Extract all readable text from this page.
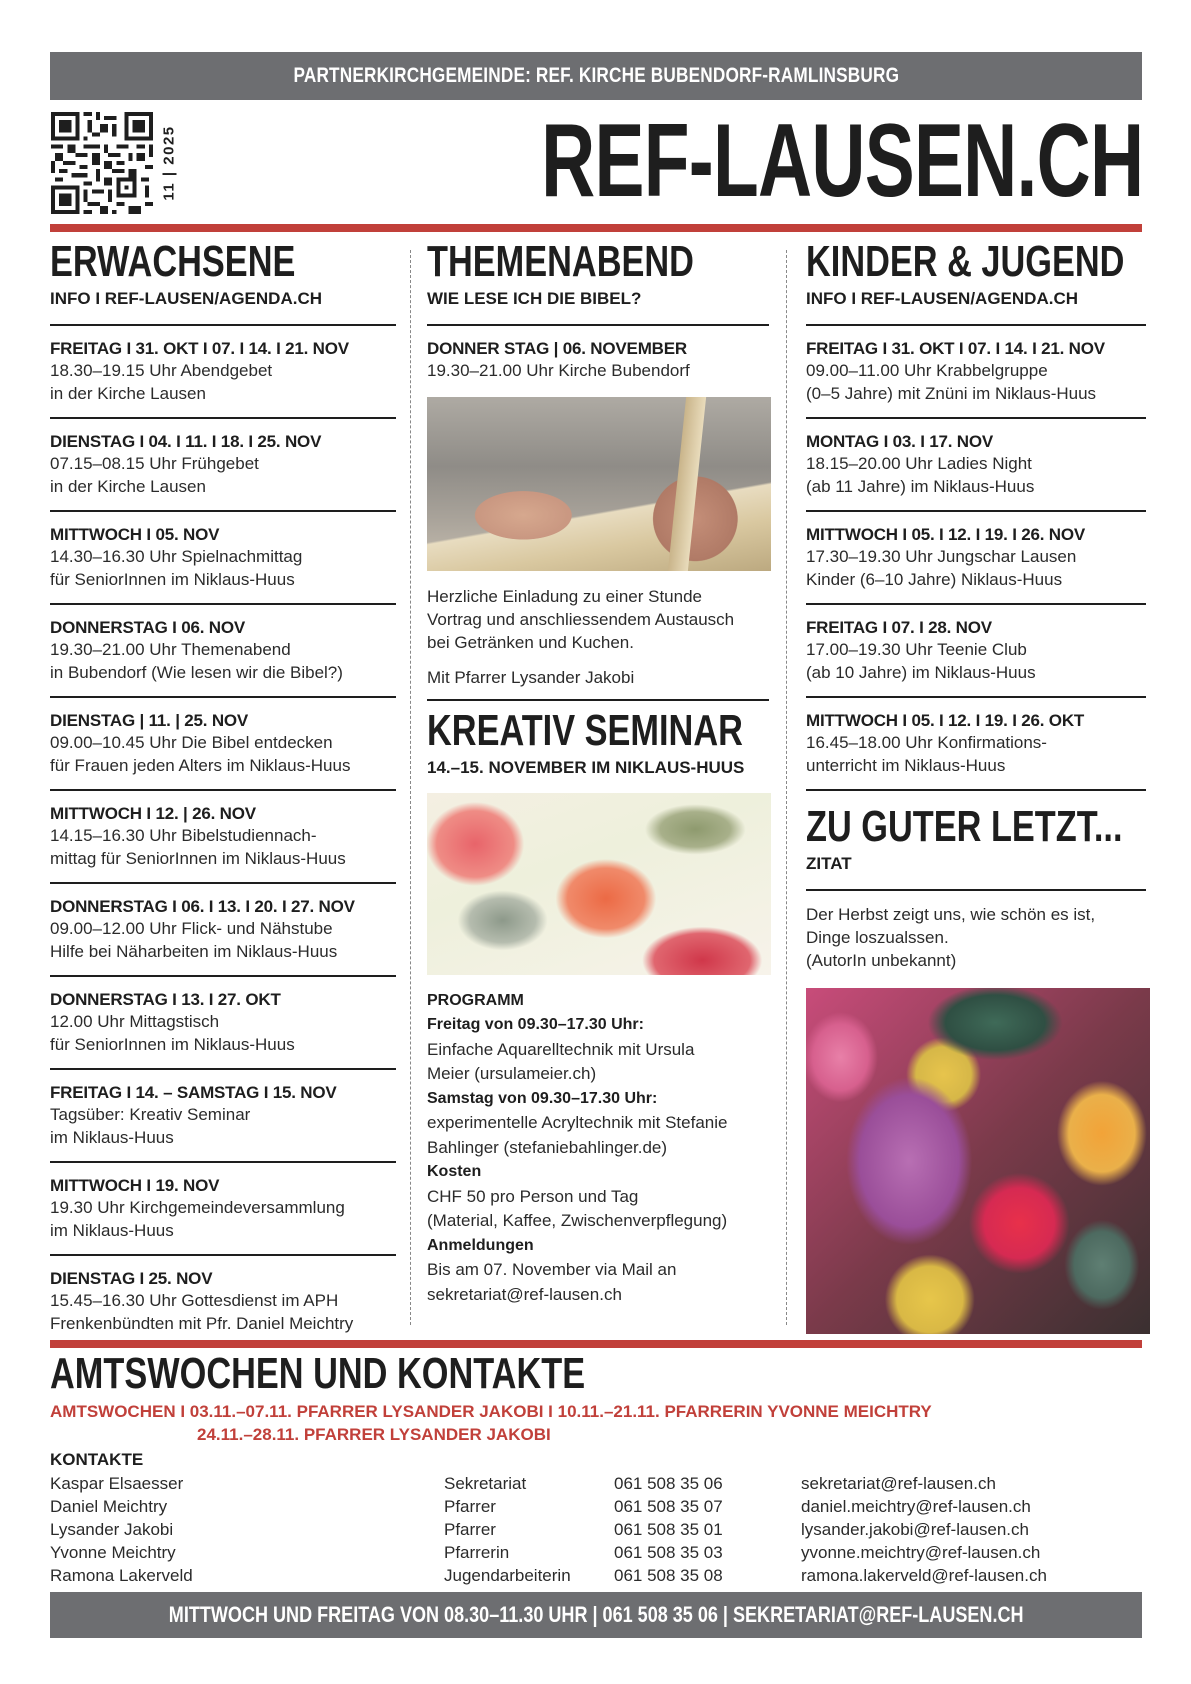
PARTNERKIRCHGEMEINDE: REF. KIRCHE BUBENDORF-RAMLINSBURG
11 | 2025	REF-LAUSEN.CH
ERWACHSENE
INFO I REF-LAUSEN/AGENDA.CH
FREITAG I 31. OKT I 07. I 14. I 21. NOV
18.30–19.15 Uhr Abendgebet
in der Kirche Lausen
DIENSTAG I 04. I 11. I 18. I 25. NOV
07.15–08.15 Uhr Frühgebet
in der Kirche Lausen
MITTWOCH I 05. NOV
14.30–16.30 Uhr Spielnachmittag
für SeniorInnen im Niklaus-Huus
DONNERSTAG I 06. NOV
19.30–21.00 Uhr Themenabend
in Bubendorf (Wie lesen wir die Bibel?)
DIENSTAG | 11. | 25. NOV
09.00–10.45 Uhr Die Bibel entdecken
für Frauen jeden Alters im Niklaus-Huus
MITTWOCH I 12. | 26. NOV
14.15–16.30 Uhr Bibelstudiennach-
mittag für SeniorInnen im Niklaus-Huus
DONNERSTAG I 06. I 13. I 20. I 27. NOV
09.00–12.00 Uhr Flick- und Nähstube
Hilfe bei Näharbeiten im Niklaus-Huus
DONNERSTAG I 13. I 27. OKT
12.00 Uhr Mittagstisch
für SeniorInnen im Niklaus-Huus
FREITAG I 14. – SAMSTAG I 15. NOV
Tagsüber: Kreativ Seminar
im Niklaus-Huus
MITTWOCH I 19. NOV
19.30 Uhr Kirchgemeindeversammlung
im Niklaus-Huus
DIENSTAG I 25. NOV
15.45–16.30 Uhr Gottesdienst im APH
Frenkenbündten mit Pfr. Daniel Meichtry
THEMENABEND
WIE LESE ICH DIE BIBEL?
DONNER STAG | 06. NOVEMBER
19.30–21.00 Uhr Kirche Bubendorf
Herzliche Einladung zu einer Stunde
Vortrag und anschliessendem Austausch
bei Getränken und Kuchen.
Mit Pfarrer Lysander Jakobi
KREATIV SEMINAR
14.–15. NOVEMBER IM NIKLAUS-HUUS
PROGRAMM
Freitag von 09.30–17.30 Uhr:
Einfache Aquarelltechnik mit Ursula
Meier (ursulameier.ch)
Samstag von 09.30–17.30 Uhr:
experimentelle Acryltechnik mit Stefanie
Bahlinger (stefaniebahlinger.de)
Kosten
CHF 50 pro Person und Tag
(Material, Kaffee, Zwischenverpflegung)
Anmeldungen
Bis am 07. November via Mail an
sekretariat@ref-lausen.ch
KINDER & JUGEND
INFO I REF-LAUSEN/AGENDA.CH
FREITAG I 31. OKT I 07. I 14. I 21. NOV
09.00–11.00 Uhr Krabbelgruppe
(0–5 Jahre) mit Znüni im Niklaus-Huus
MONTAG I 03. I 17. NOV
18.15–20.00 Uhr Ladies Night
(ab 11 Jahre) im Niklaus-Huus
MITTWOCH I 05. I 12. I 19. I 26. NOV
17.30–19.30 Uhr Jungschar Lausen
Kinder (6–10 Jahre) Niklaus-Huus
FREITAG I 07. I 28. NOV
17.00–19.30 Uhr Teenie Club
(ab 10 Jahre) im Niklaus-Huus
MITTWOCH I 05. I 12. I 19. I 26. OKT
16.45–18.00 Uhr Konfirmations-
unterricht im Niklaus-Huus
ZU GUTER LETZT...
ZITAT
Der Herbst zeigt uns, wie schön es ist,
Dinge loszualssen.
(AutorIn unbekannt)
AMTSWOCHEN UND KONTAKTE
AMTSWOCHEN I 03.11.–07.11. PFARRER LYSANDER JAKOBI I 10.11.–21.11. PFARRERIN YVONNE MEICHTRY
24.11.–28.11. PFARRER LYSANDER JAKOBI
KONTAKTE
Kaspar Elsaesser	Sekretariat	061 508 35 06	sekretariat@ref-lausen.ch
Daniel Meichtry	Pfarrer	061 508 35 07	daniel.meichtry@ref-lausen.ch
Lysander Jakobi	Pfarrer	061 508 35 01	lysander.jakobi@ref-lausen.ch
Yvonne Meichtry	Pfarrerin	061 508 35 03	yvonne.meichtry@ref-lausen.ch
Ramona Lakerveld	Jugendarbeiterin	061 508 35 08	ramona.lakerveld@ref-lausen.ch
MITTWOCH UND FREITAG VON 08.30–11.30 UHR | 061 508 35 06 | SEKRETARIAT@REF-LAUSEN.CH
